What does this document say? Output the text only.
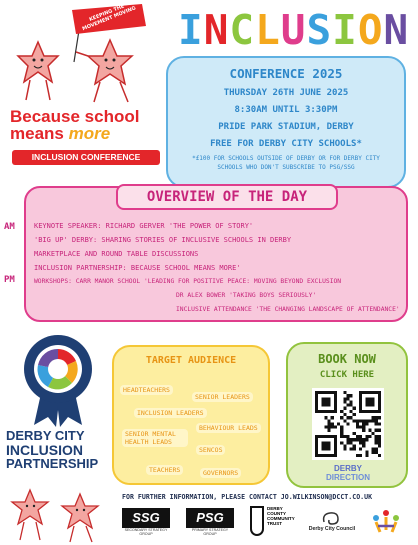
KEEPING THE MOVEMENT MOVING
Because school
means more
INCLUSION CONFERENCE
INCLUSION
CONFERENCE 2025
THURSDAY 26TH JUNE 2025
8:30AM UNTIL 3:30PM
PRIDE PARK STADIUM, DERBY
FREE FOR DERBY CITY SCHOOLS*
*£100 FOR SCHOOLS OUTSIDE OF DERBY OR FOR DERBY CITY
SCHOOLS WHO DON'T SUBSCRIBE TO PSG/SSG
AM
PM
OVERVIEW OF THE DAY
KEYNOTE SPEAKER: RICHARD GERVER 'THE POWER OF STORY'
'BIG UP' DERBY: SHARING STORIES OF INCLUSIVE SCHOOLS IN DERBY
MARKETPLACE AND ROUND TABLE DISCUSSIONS
INCLUSION PARTNERSHIP: BECAUSE SCHOOL MEANS MORE'
WORKSHOPS: CARR MANOR SCHOOL 'LEADING FOR POSITIVE PEACE: MOVING BEYOND EXCLUSION
DR ALEX BOWER 'TAKING BOYS SERIOUSLY'
INCLUSIVE ATTENDANCE 'THE CHANGING LANDSCAPE OF ATTENDANCE'
DERBY CITY
INCLUSION
PARTNERSHIP
TARGET AUDIENCE
HEADTEACHERS
SENIOR LEADERS
INCLUSION LEADERS
BEHAVIOUR LEADS
SENIOR MENTAL HEALTH LEADS
SENCOS
TEACHERS	GOVERNORS
BOOK NOW
CLICK HERE
DERBY
DIRECTION
FOR FURTHER INFORMATION, PLEASE CONTACT JO.WILKINSON@DCCT.CO.UK
SSG
SECONDARY STRATEGY GROUP
PSG
PRIMARY STRATEGY GROUP
DERBY COUNTY COMMUNITY TRUST
Derby City Council
